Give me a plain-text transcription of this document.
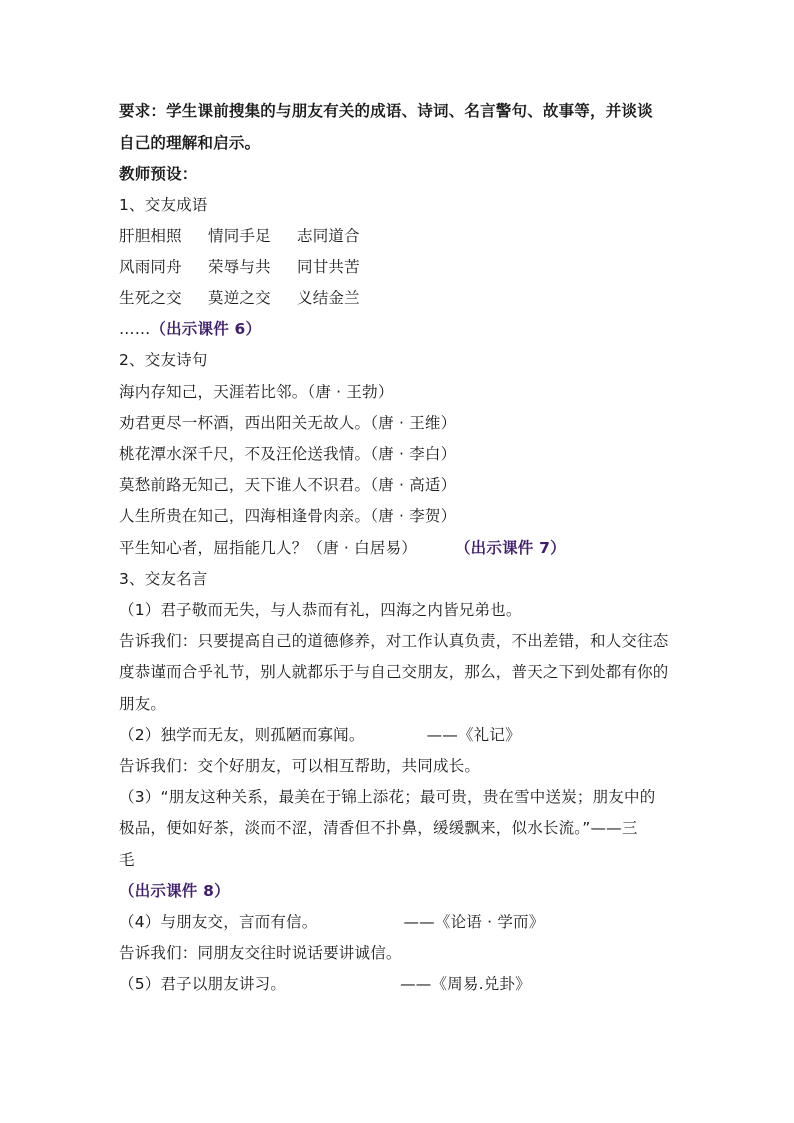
要求：学生课前搜集的与朋友有关的成语、诗词、名言警句、故事等，并谈谈
自己的理解和启示。
教师预设：
1、交友成语
肝胆相照 情同手足 志同道合
风雨同舟 荣辱与共 同甘共苦
生死之交 莫逆之交 义结金兰
……（出示课件 6）
2、交友诗句
海内存知己，天涯若比邻。（唐 · 王勃）
劝君更尽一杯酒，西出阳关无故人。（唐 · 王维）
桃花潭水深千尺，不及汪伦送我情。（唐 · 李白）
莫愁前路无知己，天下谁人不识君。（唐 · 高适）
人生所贵在知己，四海相逢骨肉亲。（唐 · 李贺）
平生知心者，屈指能几人？（唐 · 白居易） （出示课件 7）
3、交友名言
（1）君子敬而无失，与人恭而有礼，四海之内皆兄弟也。
告诉我们：只要提高自己的道德修养，对工作认真负责，不出差错，和人交往态
度恭谨而合乎礼节，别人就都乐于与自己交朋友，那么，普天之下到处都有你的
朋友。
（2）独学而无友，则孤陋而寡闻。	——《礼记》
告诉我们：交个好朋友，可以相互帮助，共同成长。
（3）“朋友这种关系，最美在于锦上添花；最可贵，贵在雪中送炭；朋友中的
极品，便如好茶，淡而不涩，清香但不扑鼻，缓缓飘来，似水长流。”——三
毛
（出示课件 8）
（4）与朋友交，言而有信。	——《论语 · 学而》
告诉我们：同朋友交往时说话要讲诚信。
（5）君子以朋友讲习。	——《周易.兑卦》
